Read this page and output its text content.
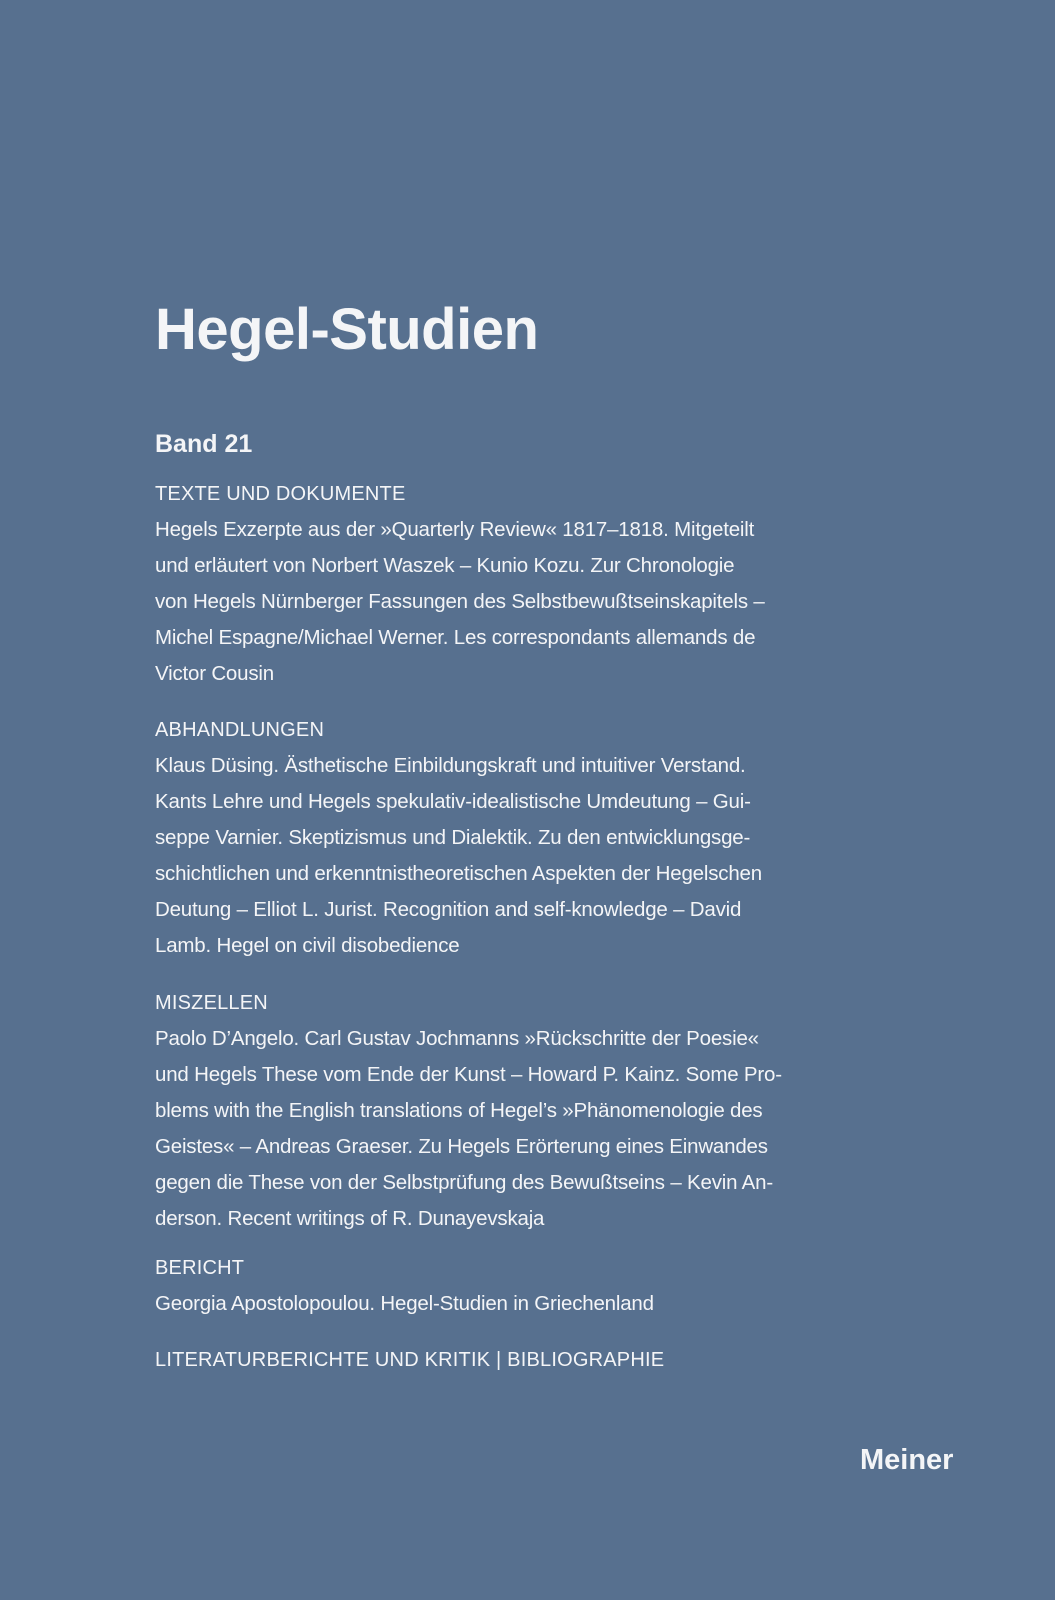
Hegel-Studien
Band 21
TEXTE UND DOKUMENTE
Hegels Exzerpte aus der »Quarterly Review« 1817–1818. Mitgeteilt
und erläutert von Norbert Waszek – Kunio Kozu. Zur Chronologie
von Hegels Nürnberger Fassungen des Selbstbewußtseinskapitels –
Michel Espagne/Michael Werner. Les correspondants allemands de
Victor Cousin
ABHANDLUNGEN
Klaus Düsing. Ästhetische Einbildungskraft und intuitiver Verstand.
Kants Lehre und Hegels spekulativ-idealistische Umdeutung – Gui-
seppe Varnier. Skeptizismus und Dialektik. Zu den entwicklungsge-
schichtlichen und erkenntnistheoretischen Aspekten der Hegelschen
Deutung – Elliot L. Jurist. Recognition and self-knowledge – David
Lamb. Hegel on civil disobedience
MISZELLEN
Paolo D’Angelo. Carl Gustav Jochmanns »Rückschritte der Poesie«
und Hegels These vom Ende der Kunst – Howard P. Kainz. Some Pro-
blems with the English translations of Hegel’s »Phänomenologie des
Geistes« – Andreas Graeser. Zu Hegels Erörterung eines Einwandes
gegen die These von der Selbstprüfung des Bewußtseins – Kevin An-
derson. Recent writings of R. Dunayevskaja
BERICHT
Georgia Apostolopoulou. Hegel-Studien in Griechenland
LITERATURBERICHTE UND KRITIK | BIBLIOGRAPHIE
Meiner
